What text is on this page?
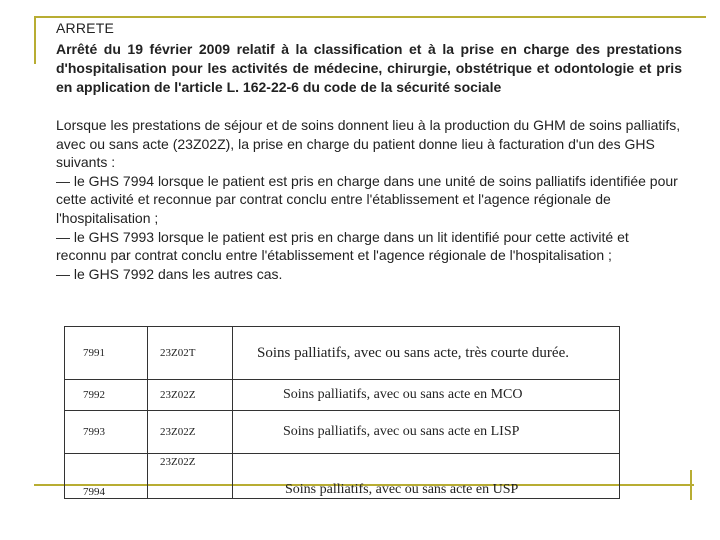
ARRETE
Arrêté du 19 février 2009 relatif à la classification et à la prise en charge des prestations d'hospitalisation pour les activités de médecine, chirurgie, obstétrique et odontologie et pris en application de l'article L. 162-22-6 du code de la sécurité sociale

Lorsque les prestations de séjour et de soins donnent lieu à la production du GHM de soins palliatifs, avec ou sans acte (23Z02Z), la prise en charge du patient donne lieu à facturation d'un des GHS suivants :

— le GHS 7994 lorsque le patient est pris en charge dans une unité de soins palliatifs identifiée pour cette activité et reconnue par contrat conclu entre l'établissement et l'agence régionale de l'hospitalisation ;

— le GHS 7993 lorsque le patient est pris en charge dans un lit identifié pour cette activité et reconnu par contrat conclu entre l'établissement et l'agence régionale de l'hospitalisation ;

— le GHS 7992 dans les autres cas.

7991	23Z02T	Soins palliatifs, avec ou sans acte, très courte durée.
7992	23Z02Z	Soins palliatifs, avec ou sans acte en MCO
7993	23Z02Z	Soins palliatifs, avec ou sans acte en LISP
7994	23Z02Z	Soins palliatifs, avec ou sans acte en USP
